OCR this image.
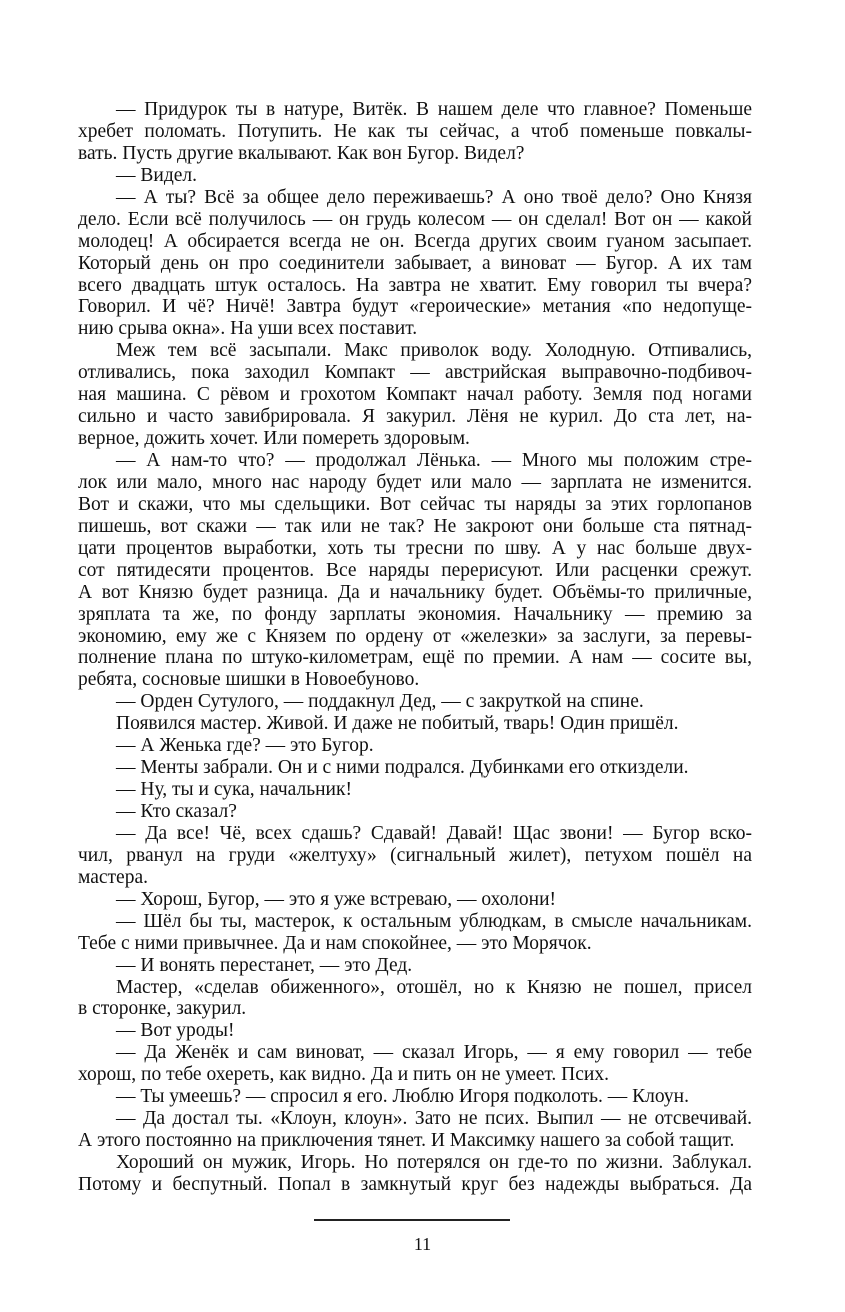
— Придурок ты в натуре, Витёк. В нашем деле что главное? Поменьше
хребет поломать. Потупить. Не как ты сейчас, а чтоб поменьше повкалы-
вать. Пусть другие вкалывают. Как вон Бугор. Видел?
— Видел.
— А ты? Всё за общее дело переживаешь? А оно твоё дело? Оно Князя
дело. Если всё получилось — он грудь колесом — он сделал! Вот он — какой
молодец! А обсирается всегда не он. Всегда других своим гуаном засыпает.
Который день он про соединители забывает, а виноват — Бугор. А их там
всего двадцать штук осталось. На завтра не хватит. Ему говорил ты вчера?
Говорил. И чё? Ничё! Завтра будут «героические» метания «по недопуще-
нию срыва окна». На уши всех поставит.
Меж тем всё засыпали. Макс приволок воду. Холодную. Отпивались,
отливались, пока заходил Компакт — австрийская выправочно-подбивоч-
ная машина. С рёвом и грохотом Компакт начал работу. Земля под ногами
сильно и часто завибрировала. Я закурил. Лёня не курил. До ста лет, на-
верное, дожить хочет. Или помереть здоровым.
— А нам-то что? — продолжал Лёнька. — Много мы положим стре-
лок или мало, много нас народу будет или мало — зарплата не изменится.
Вот и скажи, что мы сдельщики. Вот сейчас ты наряды за этих горлопанов
пишешь, вот скажи — так или не так? Не закроют они больше ста пятнад-
цати процентов выработки, хоть ты тресни по шву. А у нас больше двух-
сот пятидесяти процентов. Все наряды перерисуют. Или расценки срежут.
А вот Князю будет разница. Да и начальнику будет. Объёмы-то приличные,
зряплата та же, по фонду зарплаты экономия. Начальнику — премию за
экономию, ему же с Князем по ордену от «железки» за заслуги, за перевы-
полнение плана по штуко-километрам, ещё по премии. А нам — сосите вы,
ребята, сосновые шишки в Новоебуново.
— Орден Сутулого, — поддакнул Дед, — с закруткой на спине.
Появился мастер. Живой. И даже не побитый, тварь! Один пришёл.
— А Женька где? — это Бугор.
— Менты забрали. Он и с ними подрался. Дубинками его откиздели.
— Ну, ты и сука, начальник!
— Кто сказал?
— Да все! Чё, всех сдашь? Сдавай! Давай! Щас звони! — Бугор вско-
чил, рванул на груди «желтуху» (сигнальный жилет), петухом пошёл на
мастера.
— Хорош, Бугор, — это я уже встреваю, — охолони!
— Шёл бы ты, мастерок, к остальным ублюдкам, в смысле начальникам.
Тебе с ними привычнее. Да и нам спокойнее, — это Морячок.
— И вонять перестанет, — это Дед.
Мастер, «сделав обиженного», отошёл, но к Князю не пошел, присел
в сторонке, закурил.
— Вот уроды!
— Да Женёк и сам виноват, — сказал Игорь, — я ему говорил — тебе
хорош, по тебе охереть, как видно. Да и пить он не умеет. Псих.
— Ты умеешь? — спросил я его. Люблю Игоря подколоть. — Клоун.
— Да достал ты. «Клоун, клоун». Зато не псих. Выпил — не отсвечивай.
А этого постоянно на приключения тянет. И Максимку нашего за собой тащит.
Хороший он мужик, Игорь. Но потерялся он где-то по жизни. Заблукал.
Потому и беспутный. Попал в замкнутый круг без надежды выбраться. Да
11
